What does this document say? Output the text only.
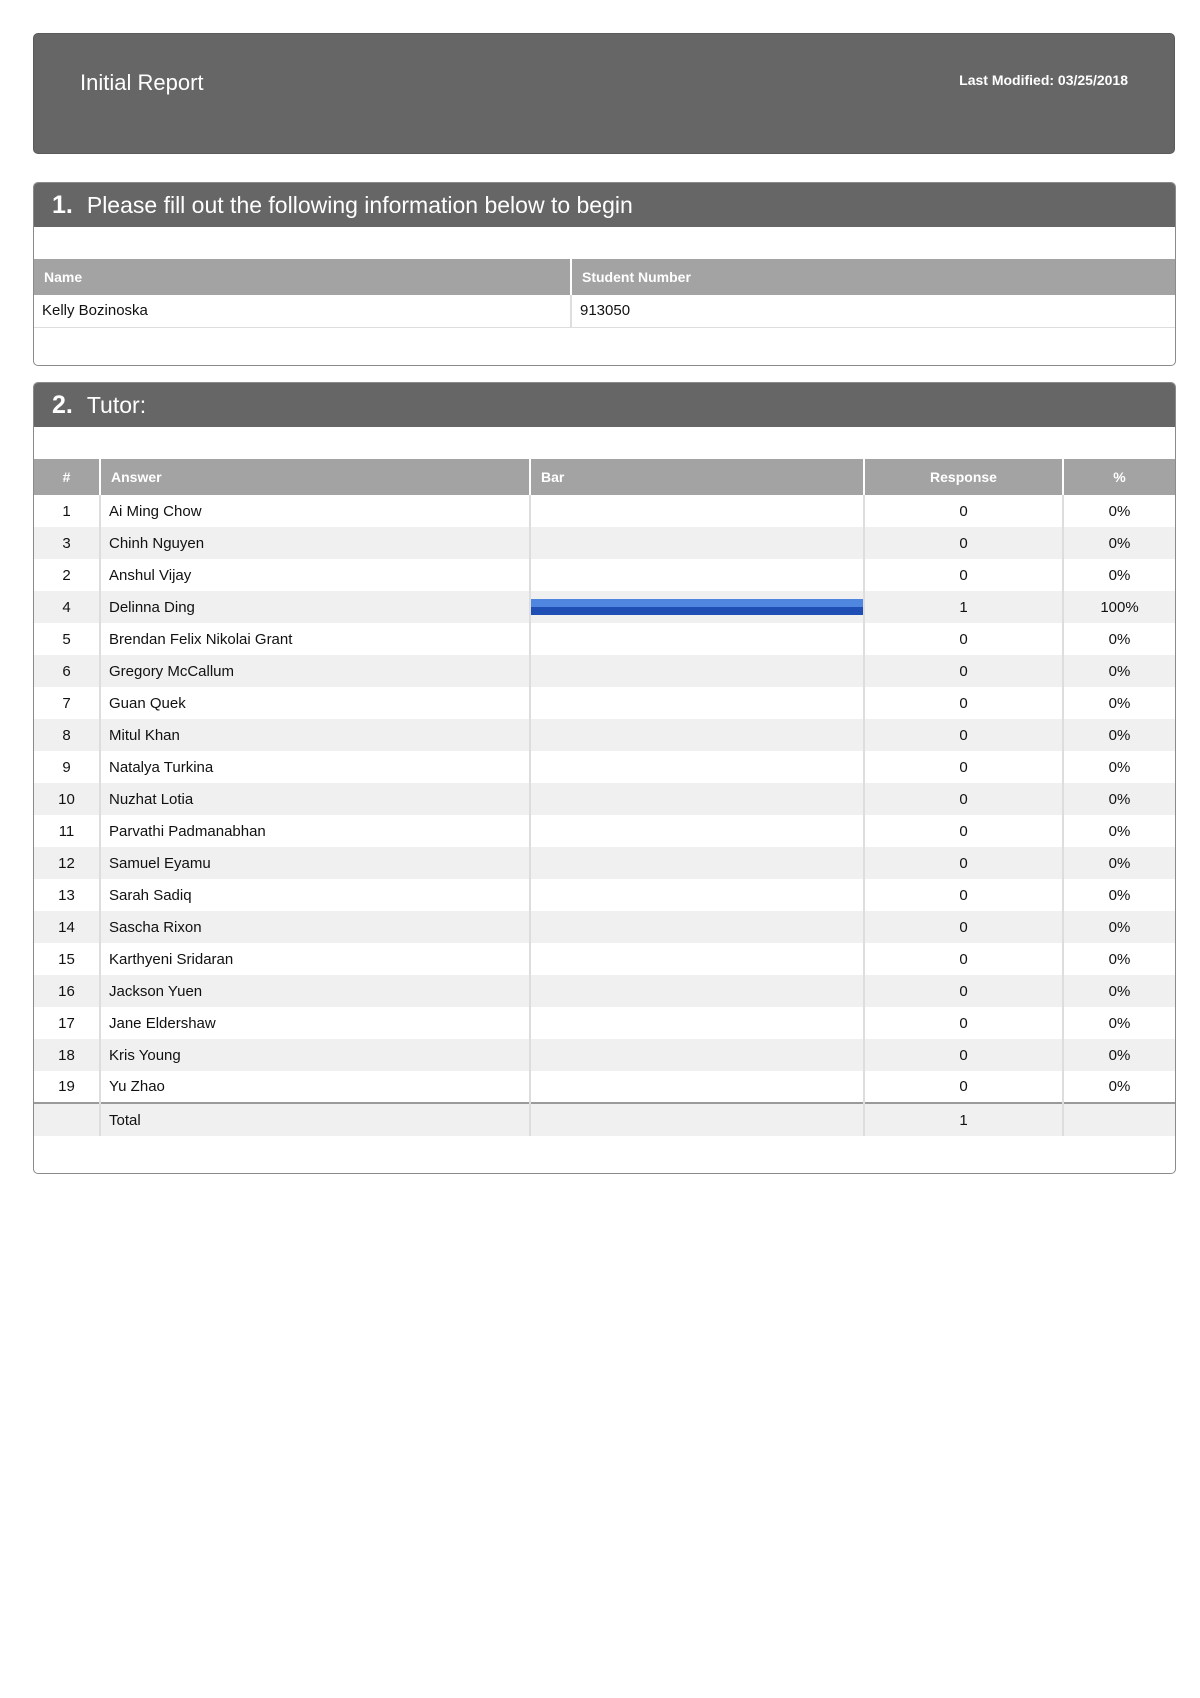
Initial Report	Last Modified: 03/25/2018
1. Please fill out the following information below to begin
Name	Student Number
Kelly Bozinoska	913050
2. Tutor:
#	Answer	Bar	Response	%
1	Ai Ming Chow		0	0%
3	Chinh Nguyen		0	0%
2	Anshul Vijay		0	0%
4	Delinna Ding		1	100%
5	Brendan Felix Nikolai Grant		0	0%
6	Gregory McCallum		0	0%
7	Guan Quek		0	0%
8	Mitul Khan		0	0%
9	Natalya Turkina		0	0%
10	Nuzhat Lotia		0	0%
11	Parvathi Padmanabhan		0	0%
12	Samuel Eyamu		0	0%
13	Sarah Sadiq		0	0%
14	Sascha Rixon		0	0%
15	Karthyeni Sridaran		0	0%
16	Jackson Yuen		0	0%
17	Jane Eldershaw		0	0%
18	Kris Young		0	0%
19	Yu Zhao		0	0%
	Total		1	
